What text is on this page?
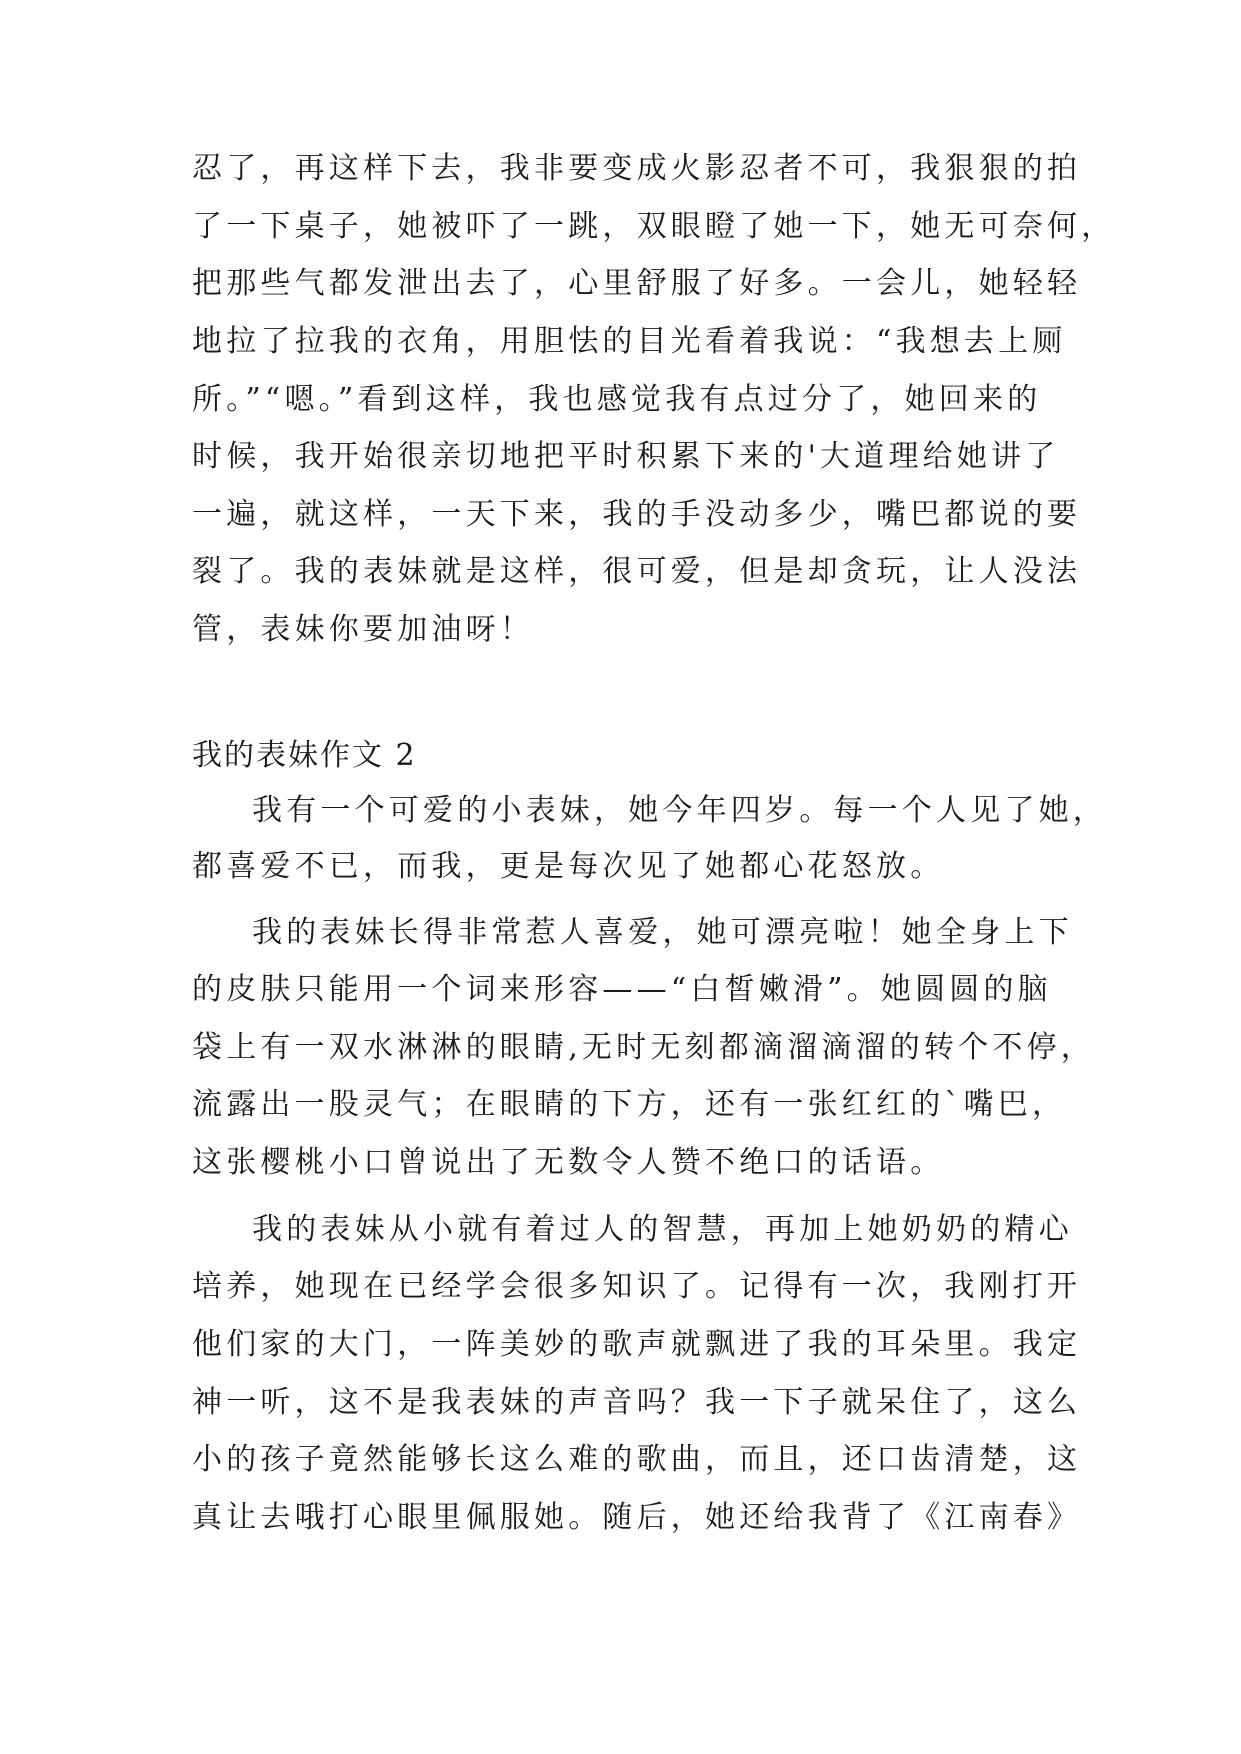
忍了，再这样下去，我非要变成火影忍者不可，我狠狠的拍
了一下桌子，她被吓了一跳，双眼瞪了她一下，她无可奈何，
把那些气都发泄出去了，心里舒服了好多。一会儿，她轻轻
地拉了拉我的衣角，用胆怯的目光看着我说：“我想去上厕
所。”“嗯。”看到这样，我也感觉我有点过分了，她回来的
时候，我开始很亲切地把平时积累下来的'大道理给她讲了
一遍，就这样，一天下来，我的手没动多少，嘴巴都说的要
裂了。我的表妹就是这样，很可爱，但是却贪玩，让人没法
管，表妹你要加油呀！
我的表妹作文 2
我有一个可爱的小表妹，她今年四岁。每一个人见了她，
都喜爱不已，而我，更是每次见了她都心花怒放。
我的表妹长得非常惹人喜爱，她可漂亮啦！她全身上下
的皮肤只能用一个词来形容——“白皙嫩滑”。她圆圆的脑
袋上有一双水淋淋的眼睛,无时无刻都滴溜滴溜的转个不停，
流露出一股灵气；在眼睛的下方，还有一张红红的`嘴巴，
这张樱桃小口曾说出了无数令人赞不绝口的话语。
我的表妹从小就有着过人的智慧，再加上她奶奶的精心
培养，她现在已经学会很多知识了。记得有一次，我刚打开
他们家的大门，一阵美妙的歌声就飘进了我的耳朵里。我定
神一听，这不是我表妹的声音吗？我一下子就呆住了，这么
小的孩子竟然能够长这么难的歌曲，而且，还口齿清楚，这
真让去哦打心眼里佩服她。随后，她还给我背了《江南春》
